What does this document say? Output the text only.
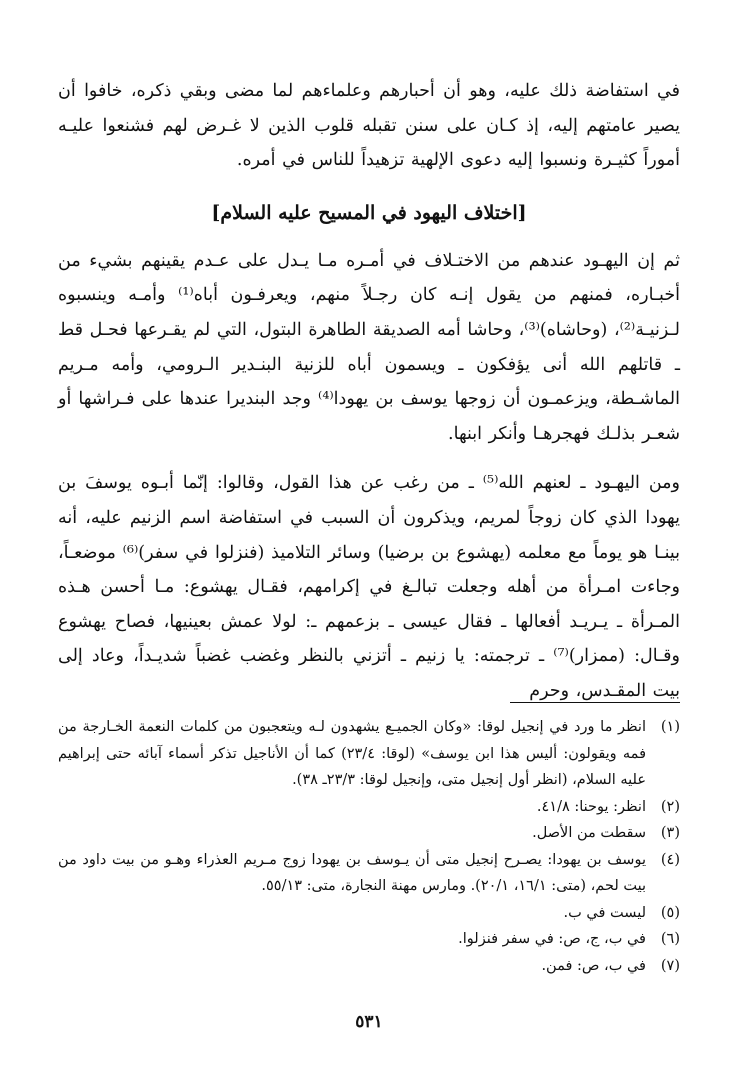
في استفاضة ذلك عليه، وهو أن أحبارهم وعلماءهم لما مضى وبقي ذكره، خافوا أن يصير عامتهم إليه، إذ كـان على سنن تقبله قلوب الذين لا غـرض لهم فشنعوا عليـه أموراً كثيـرة ونسبوا إليه دعوى الإلهية تزهيداً للناس في أمره.

[اختلاف اليهود في المسيح عليه السلام]

ثم إن اليهـود عندهم من الاختـلاف في أمـره مـا يـدل على عـدم يقينهم بشيء من أخبـاره، فمنهم من يقول إنـه كان رجـلاً منهم، ويعرفـون أباه⁽¹⁾ وأمـه وينسبوه لـزنيـة⁽²⁾، (وحاشاه)⁽³⁾، وحاشا أمه الصديقة الطاهرة البتول، التي لم يقـرعها فحـل قط ـ قاتلهم الله أنى يؤفكون ـ ويسمون أباه للزنية البنـدير الـرومي، وأمه مـريم الماشـطة، ويزعمـون أن زوجها يوسف بن يهودا⁽⁴⁾ وجد البنديرا عندها على فـراشها أو شعـر بذلـك فهجرهـا وأنكر ابنها.

ومن اليهـود ـ لعنهم الله⁽⁵⁾ ـ من رغب عن هذا القول، وقالوا: إنّما أبـوه يوسفَ بن يهودا الذي كان زوجاً لمريم، ويذكرون أن السبب في استفاضة اسم الزنيم عليه، أنه بينـا هو يوماً مع معلمه (يهشوع بن برضيا) وسائر التلاميذ (فنزلوا في سفر)⁽⁶⁾ موضعـاً، وجاءت امـرأة من أهله وجعلت تبالـغ في إكرامهم، فقـال يهشوع: مـا أحسن هـذه المـرأة ـ يـريـد أفعالها ـ فقال عيسى ـ بزعمهم ـ: لولا عمش بعينيها، فصاح يهشوع وقـال: (ممزار)⁽⁷⁾ ـ ترجمته: يا زنيم ـ أتزني بالنظر وغضب غضباً شديـداً، وعاد إلى بيت المقـدس، وحرم

(١)
انظر ما ورد في إنجيل لوقا: «وكان الجميـع يشهدون لـه ويتعجبون من كلمات النعمة الخـارجة من فمه ويقولون: أليس هذا ابن يوسف» (لوقا: ٢٣/٤) كما أن الأناجيل تذكر أسماء آبائه حتى إبراهيم عليه السلام، (انظر أول إنجيل متى، وإنجيل لوقا: ٢٣/٣ـ ٣٨).
(٢)
انظر: يوحنا: ٤١/٨.
(٣)
سقطت من الأصل.
(٤)
يوسف بن يهودا: يصـرح إنجيل متى أن يـوسف بن يهودا زوج مـريم العذراء وهـو من بيت داود من بيت لحم، (متى: ١٦/١، ٢٠/١). ومارس مهنة النجارة، متى: ٥٥/١٣.
(٥)
ليست في ب.
(٦)
في ب، ج، ص: في سفر فنزلوا.
(٧)
في ب، ص: فمن.
٥٣١
